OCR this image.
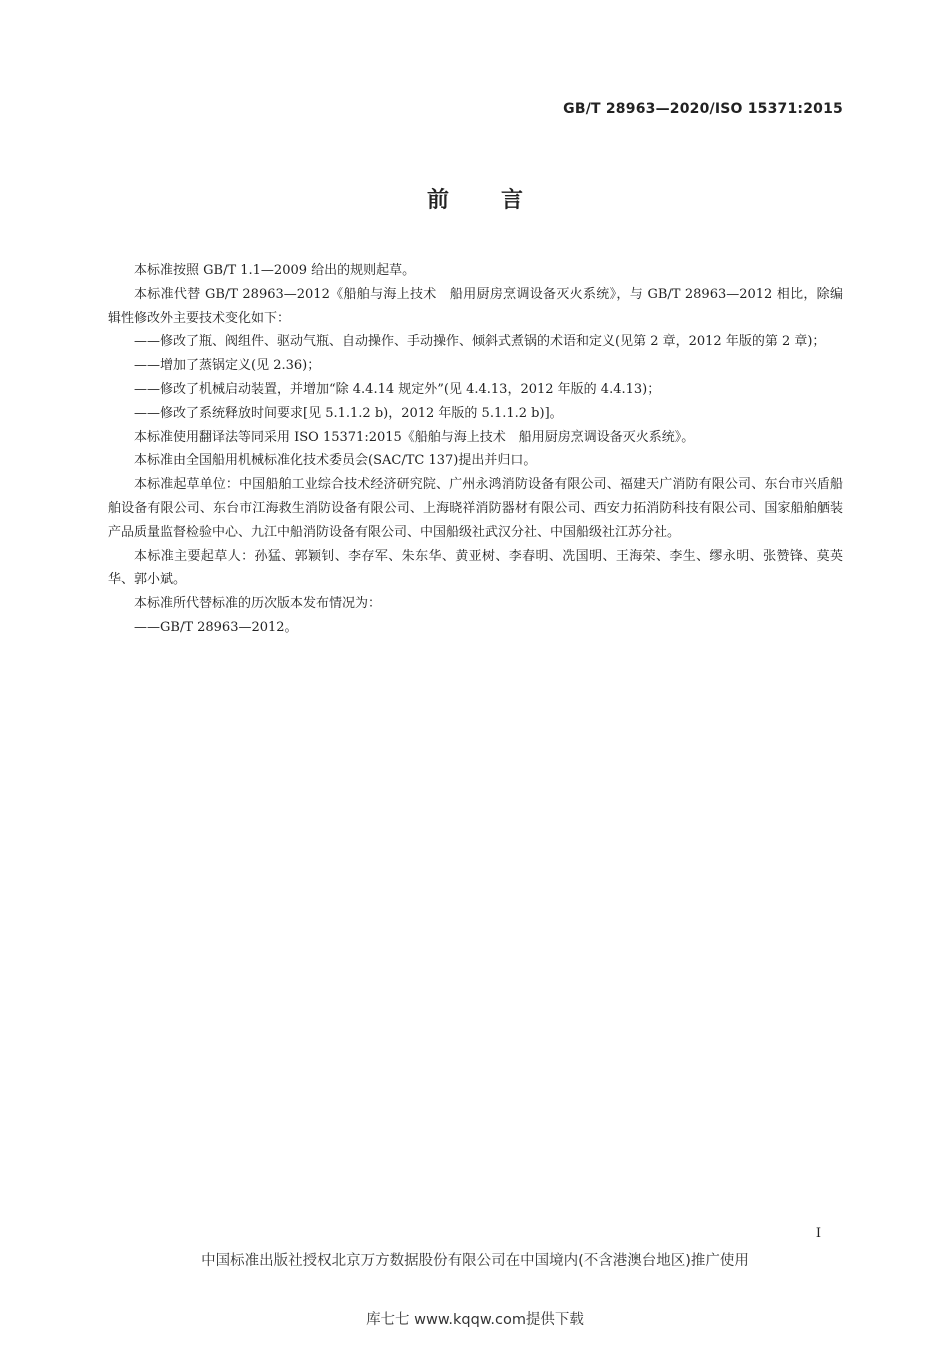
GB/T 28963—2020/ISO 15371:2015
前言

本标准按照 GB/T 1.1—2009 给出的规则起草。

本标准代替 GB/T 28963—2012《船舶与海上技术　船用厨房烹调设备灭火系统》，与 GB/T 28963—2012 相比，除编辑性修改外主要技术变化如下：

——修改了瓶、阀组件、驱动气瓶、自动操作、手动操作、倾斜式煮锅的术语和定义(见第 2 章，2012 年版的第 2 章)；

——增加了蒸锅定义(见 2.36)；

——修改了机械启动装置，并增加“除 4.4.14 规定外”(见 4.4.13，2012 年版的 4.4.13)；

——修改了系统释放时间要求[见 5.1.1.2 b)，2012 年版的 5.1.1.2 b)]。

本标准使用翻译法等同采用 ISO 15371:2015《船舶与海上技术　船用厨房烹调设备灭火系统》。

本标准由全国船用机械标准化技术委员会(SAC/TC 137)提出并归口。

本标准起草单位：中国船舶工业综合技术经济研究院、广州永鸿消防设备有限公司、福建天广消防有限公司、东台市兴盾船舶设备有限公司、东台市江海救生消防设备有限公司、上海晓祥消防器材有限公司、西安力拓消防科技有限公司、国家船舶舾装产品质量监督检验中心、九江中船消防设备有限公司、中国船级社武汉分社、中国船级社江苏分社。

本标准主要起草人：孙猛、郭颖钊、李存军、朱东华、黄亚树、李春明、冼国明、王海荣、李生、缪永明、张赞锋、莫英华、郭小斌。

本标准所代替标准的历次版本发布情况为：

——GB/T 28963—2012。

I
中国标准出版社授权北京万方数据股份有限公司在中国境内(不含港澳台地区)推广使用
库七七 www.kqqw.com提供下载
